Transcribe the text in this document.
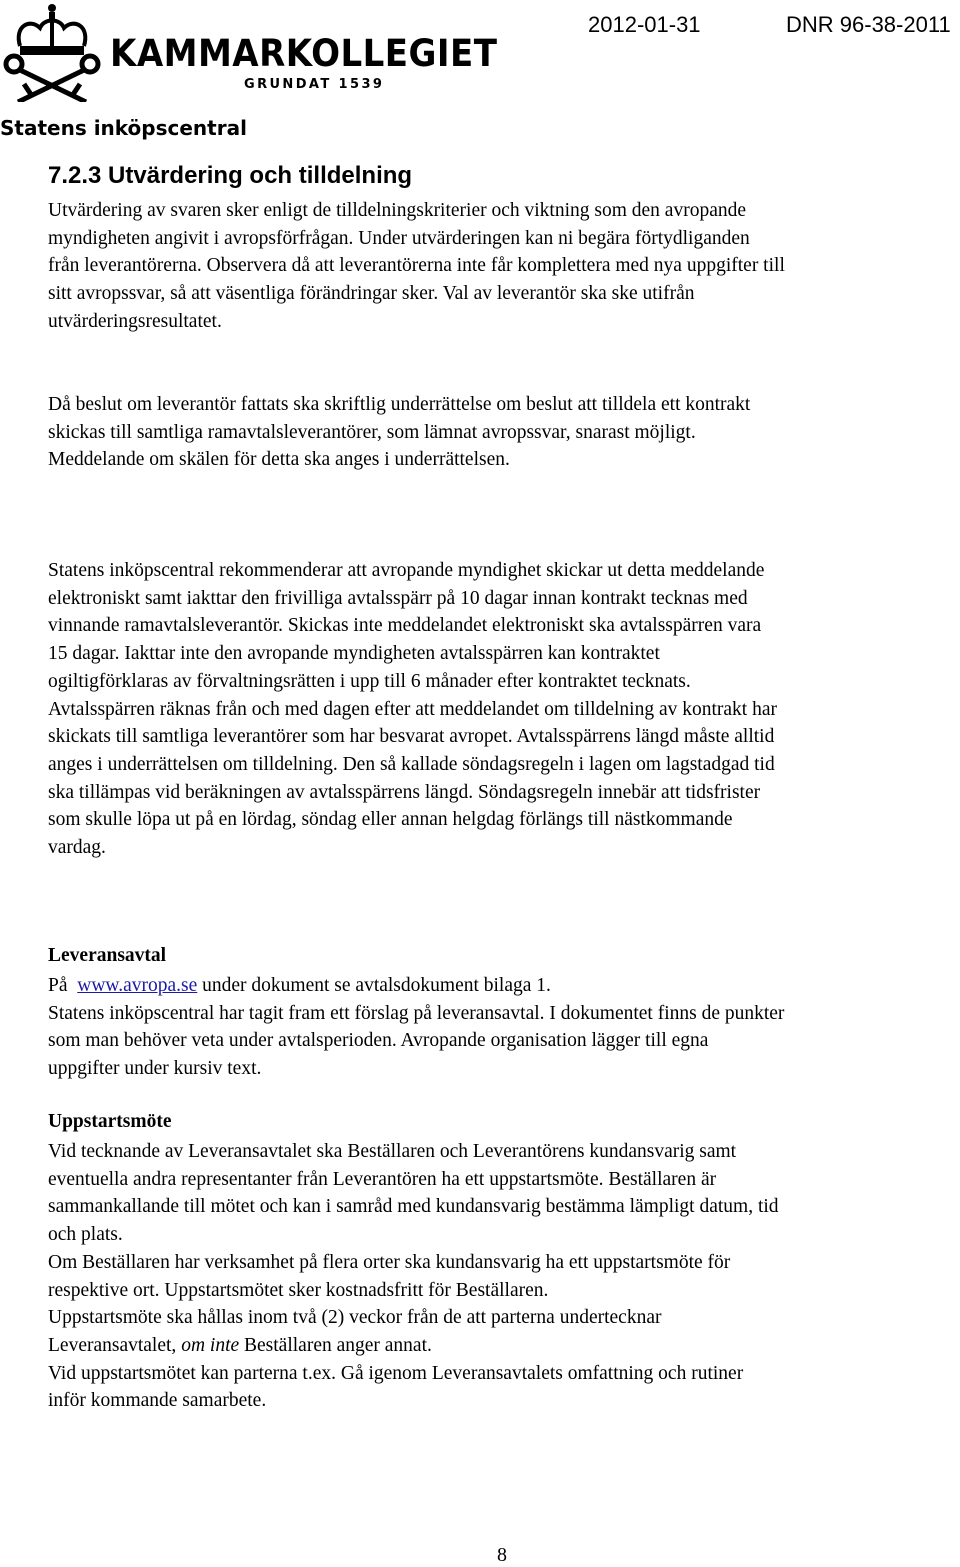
KAMMARKOLLEGIET
GRUNDAT 1539
2012-01-31	DNR 96-38-2011
Statens inköpscentral
7.2.3 Utvärdering och tilldelning
Utvärdering av svaren sker enligt de tilldelningskriterier och viktning som den avropande
myndigheten angivit i avropsförfrågan. Under utvärderingen kan ni begära förtydliganden
från leverantörerna. Observera då att leverantörerna inte får komplettera med nya uppgifter till
sitt avropssvar, så att väsentliga förändringar sker. Val av leverantör ska ske utifrån
utvärderingsresultatet.
Då beslut om leverantör fattats ska skriftlig underrättelse om beslut att tilldela ett kontrakt
skickas till samtliga ramavtalsleverantörer, som lämnat avropssvar, snarast möjligt.
Meddelande om skälen för detta ska anges i underrättelsen.
Statens inköpscentral rekommenderar att avropande myndighet skickar ut detta meddelande
elektroniskt samt iakttar den frivilliga avtalsspärr på 10 dagar innan kontrakt tecknas med
vinnande ramavtalsleverantör. Skickas inte meddelandet elektroniskt ska avtalsspärren vara
15 dagar. Iakttar inte den avropande myndigheten avtalsspärren kan kontraktet
ogiltigförklaras av förvaltningsrätten i upp till 6 månader efter kontraktet tecknats.
Avtalsspärren räknas från och med dagen efter att meddelandet om tilldelning av kontrakt har
skickats till samtliga leverantörer som har besvarat avropet. Avtalsspärrens längd måste alltid
anges i underrättelsen om tilldelning. Den så kallade söndagsregeln i lagen om lagstadgad tid
ska tillämpas vid beräkningen av avtalsspärrens längd. Söndagsregeln innebär att tidsfrister
som skulle löpa ut på en lördag, söndag eller annan helgdag förlängs till nästkommande
vardag.
Leveransavtal
På www.avropa.se under dokument se avtalsdokument bilaga 1.
Statens inköpscentral har tagit fram ett förslag på leveransavtal. I dokumentet finns de punkter
som man behöver veta under avtalsperioden. Avropande organisation lägger till egna
uppgifter under kursiv text.
Uppstartsmöte
Vid tecknande av Leveransavtalet ska Beställaren och Leverantörens kundansvarig samt
eventuella andra representanter från Leverantören ha ett uppstartsmöte. Beställaren är
sammankallande till mötet och kan i samråd med kundansvarig bestämma lämpligt datum, tid
och plats.
Om Beställaren har verksamhet på flera orter ska kundansvarig ha ett uppstartsmöte för
respektive ort. Uppstartsmötet sker kostnadsfritt för Beställaren.
Uppstartsmöte ska hållas inom två (2) veckor från de att parterna undertecknar
Leveransavtalet, om inte Beställaren anger annat.
Vid uppstartsmötet kan parterna t.ex. Gå igenom Leveransavtalets omfattning och rutiner
inför kommande samarbete.
8
